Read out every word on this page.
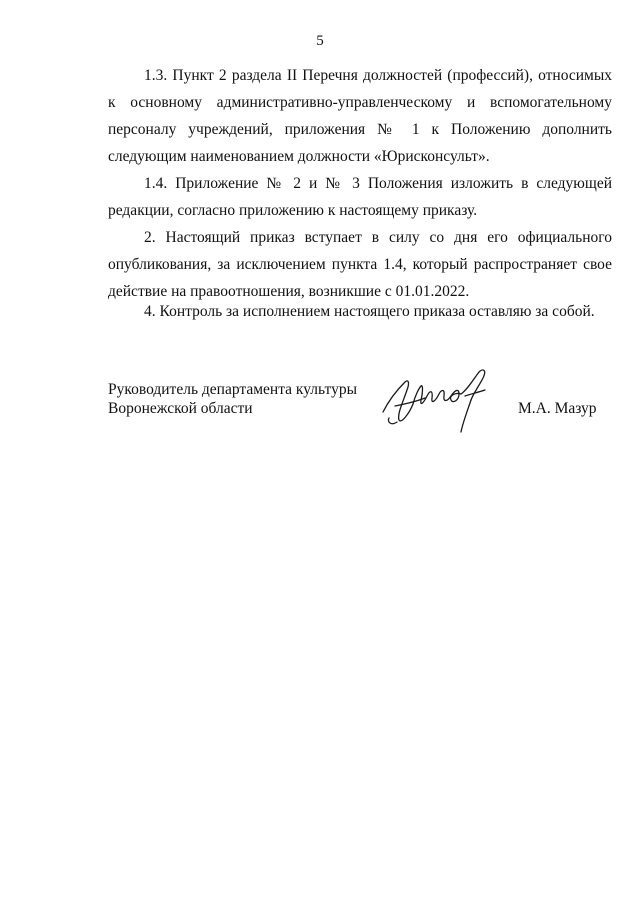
5

1.3. Пункт 2 раздела II Перечня должностей (профессий), относимых к основному административно-управленческому и вспомогательному персоналу учреждений, приложения № 1 к Положению дополнить следующим наименованием должности «Юрисконсульт».

1.4. Приложение № 2 и № 3 Положения изложить в следующей редакции, согласно приложению к настоящему приказу.

2. Настоящий приказ вступает в силу со дня его официального опубликования, за исключением пункта 1.4, который распространяет свое действие на правоотношения, возникшие с 01.01.2022.

4. Контроль за исполнением настоящего приказа оставляю за собой.

Руководитель департамента культуры
Воронежской области	М.А. Мазур
